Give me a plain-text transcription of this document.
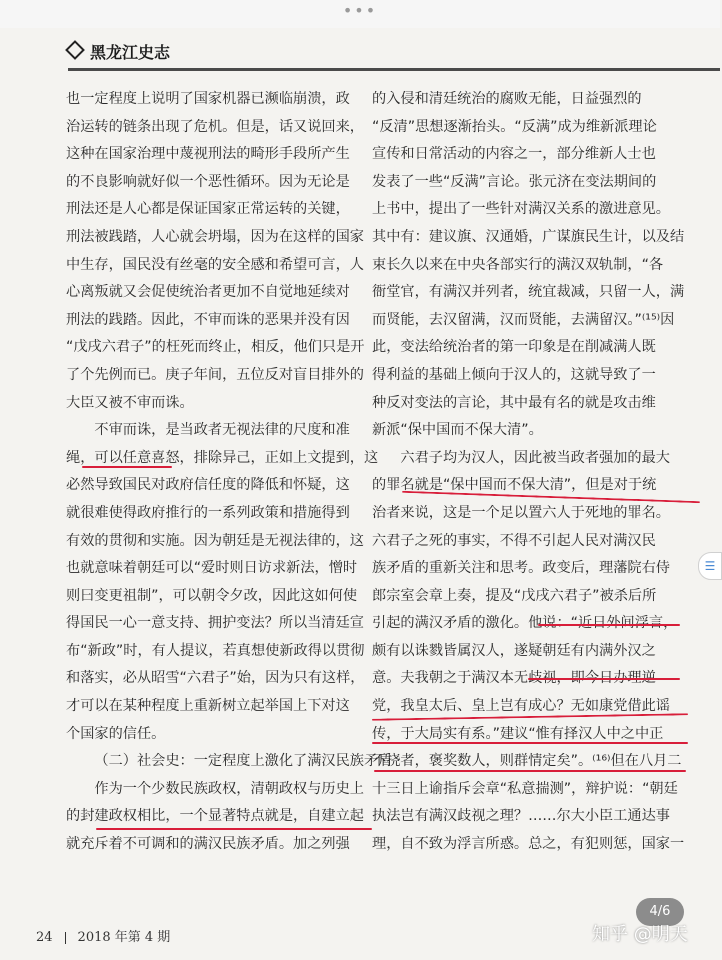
•••
黑龙江史志

也一定程度上说明了国家机器已濒临崩溃，政
治运转的链条出现了危机。但是，话又说回来，
这种在国家治理中蔑视刑法的畸形手段所产生
的不良影响就好似一个恶性循环。因为无论是
刑法还是人心都是保证国家正常运转的关键，
刑法被践踏，人心就会坍塌，因为在这样的国家
中生存，国民没有丝毫的安全感和希望可言，人
心离叛就又会促使统治者更加不自觉地延续对
刑法的践踏。因此，不审而诛的恶果并没有因
“戊戌六君子”的枉死而终止，相反，他们只是开
了个先例而已。庚子年间，五位反对盲目排外的
大臣又被不审而诛。

不审而诛，是当政者无视法律的尺度和准
绳，可以任意喜怒，排除异己，正如上文提到，这
必然导致国民对政府信任度的降低和怀疑，这
就很难使得政府推行的一系列政策和措施得到
有效的贯彻和实施。因为朝廷是无视法律的，这
也就意味着朝廷可以“爱时则日访求新法，憎时
则曰变更祖制”，可以朝令夕改，因此这如何使
得国民一心一意支持、拥护变法？所以当清廷宣
布“新政”时，有人提议，若真想使新政得以贯彻
和落实，必从昭雪“六君子”始，因为只有这样，
才可以在某种程度上重新树立起举国上下对这
个国家的信任。

（二）社会史：一定程度上激化了满汉民族矛盾

作为一个少数民族政权，清朝政权与历史上
的封建政权相比，一个显著特点就是，自建立起
就充斥着不可调和的满汉民族矛盾。加之列强

的入侵和清廷统治的腐败无能，日益强烈的
“反清”思想逐渐抬头。“反满”成为维新派理论
宣传和日常活动的内容之一，部分维新人士也
发表了一些“反满”言论。张元济在变法期间的
上书中，提出了一些针对满汉关系的激进意见。
其中有：建议旗、汉通婚，广谋旗民生计，以及结
束长久以来在中央各部实行的满汉双轨制，“各
衙堂官，有满汉并列者，统宜裁减，只留一人，满
而贤能，去汉留满，汉而贤能，去满留汉。”⁽¹⁵⁾因
此，变法给统治者的第一印象是在削减满人既
得利益的基础上倾向于汉人的，这就导致了一
种反对变法的言论，其中最有名的就是攻击维
新派“保中国而不保大清”。

六君子均为汉人，因此被当政者强加的最大
的罪名就是“保中国而不保大清”，但是对于统
治者来说，这是一个足以置六人于死地的罪名。
六君子之死的事实，不得不引起人民对满汉民
族矛盾的重新关注和思考。政变后，理藩院右侍
郎宗室会章上奏，提及“戊戌六君子”被杀后所
引起的满汉矛盾的激化。他说：“近日外间浮言，
颇有以诛戮皆属汉人，遂疑朝廷有内满外汉之
意。夫我朝之于满汉本无歧视，即今日办理逆
党，我皇太后、皇上岂有成心？无如康党借此谣
传，于大局实有系。”建议“惟有择汉人中之中正
不挠者，褒奖数人，则群情定矣”。⁽¹⁶⁾但在八月二
十三日上谕指斥会章“私意揣测”，辩护说：“朝廷
执法岂有满汉歧视之理？……尔大小臣工通达事
理，自不致为浮言所惑。总之，有犯则惩，国家一

24 2018 年第 4 期
☰
4/6
知乎 @明天
